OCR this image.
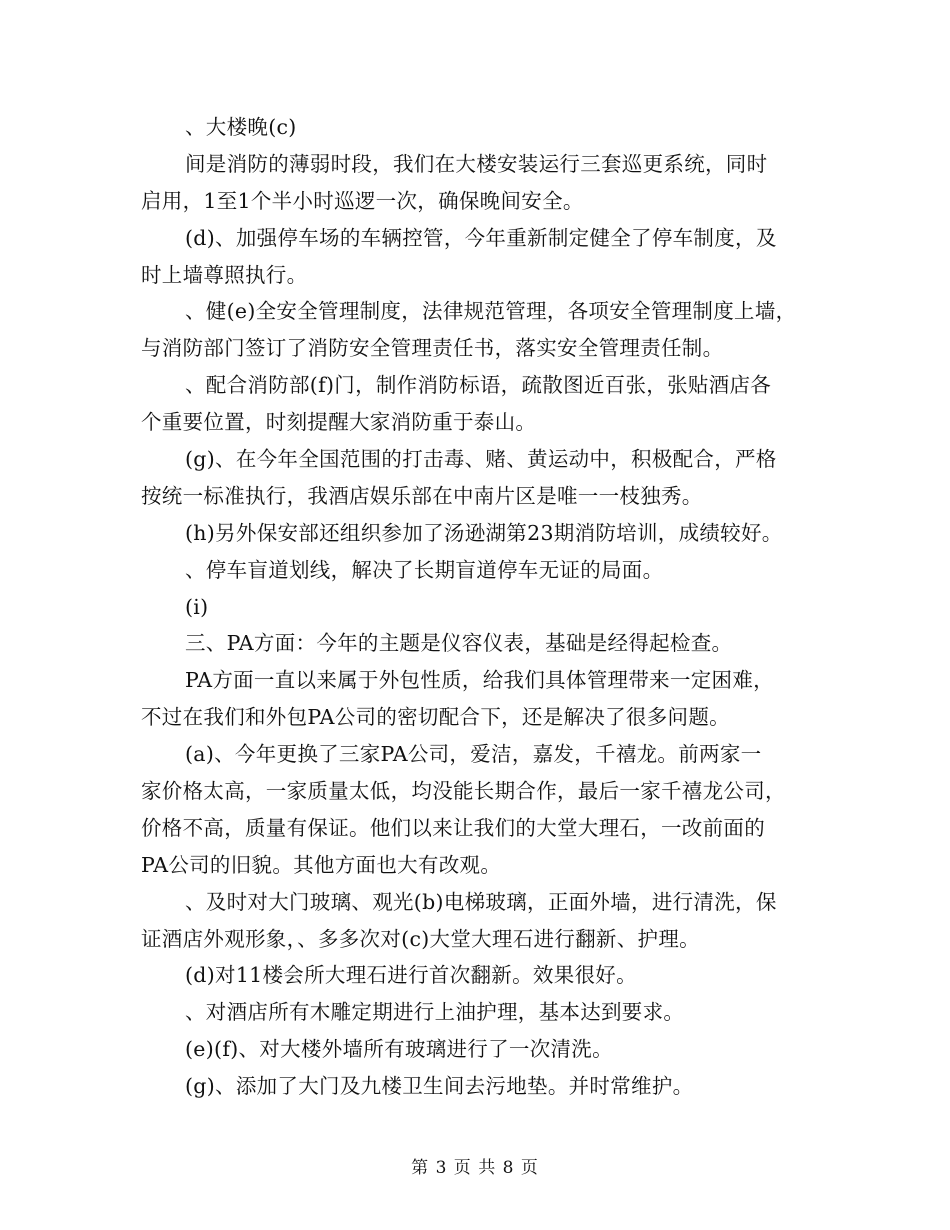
、大楼晚(c)
间是消防的薄弱时段，我们在大楼安装运行三套巡更系统，同时
启用，1至1个半小时巡逻一次，确保晚间安全。
(d)、加强停车场的车辆控管，今年重新制定健全了停车制度，及
时上墙尊照执行。
、健(e)全安全管理制度，法律规范管理，各项安全管理制度上墙，
与消防部门签订了消防安全管理责任书，落实安全管理责任制。
、配合消防部(f)门，制作消防标语，疏散图近百张，张贴酒店各
个重要位置，时刻提醒大家消防重于泰山。
(g)、在今年全国范围的打击毒、赌、黄运动中，积极配合，严格
按统一标准执行，我酒店娱乐部在中南片区是唯一一枝独秀。
(h)另外保安部还组织参加了汤逊湖第23期消防培训，成绩较好。
、停车盲道划线，解决了长期盲道停车无证的局面。
(i)
三、PA方面：今年的主题是仪容仪表，基础是经得起检查。
PA方面一直以来属于外包性质，给我们具体管理带来一定困难，
不过在我们和外包PA公司的密切配合下，还是解决了很多问题。
(a)、今年更换了三家PA公司，爱洁，嘉发，千禧龙。前两家一
家价格太高，一家质量太低，均没能长期合作，最后一家千禧龙公司，
价格不高，质量有保证。他们以来让我们的大堂大理石，一改前面的
PA公司的旧貌。其他方面也大有改观。
、及时对大门玻璃、观光(b)电梯玻璃，正面外墙，进行清洗，保
证酒店外观形象，、多多次对(c)大堂大理石进行翻新、护理。
(d)对11楼会所大理石进行首次翻新。效果很好。
、对酒店所有木雕定期进行上油护理，基本达到要求。
(e)(f)、对大楼外墙所有玻璃进行了一次清洗。
(g)、添加了大门及九楼卫生间去污地垫。并时常维护。
第 3 页 共 8 页
